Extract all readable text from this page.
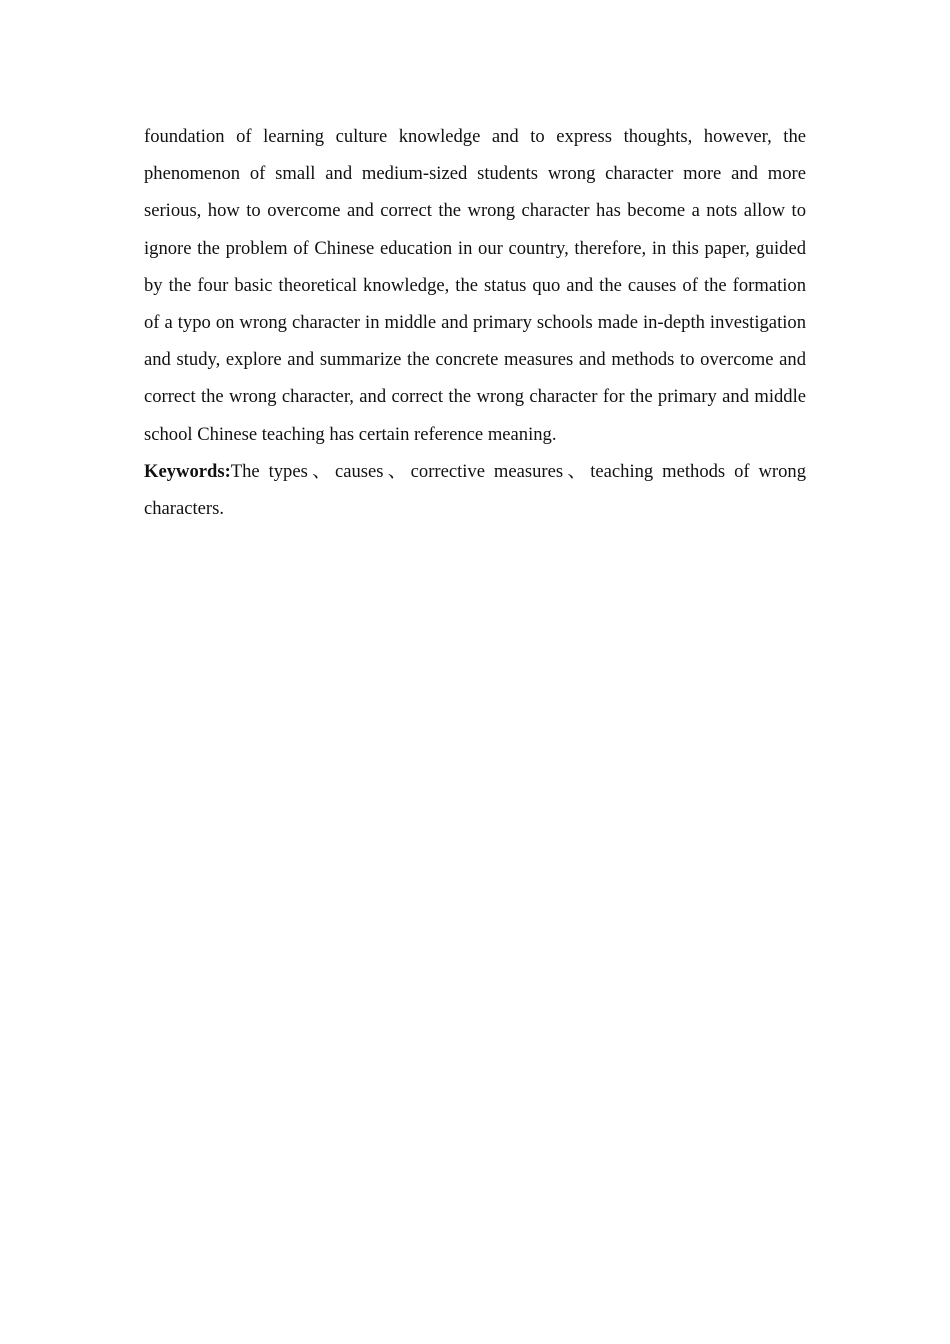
foundation of learning culture knowledge and to express thoughts, however, the phenomenon of small and medium-sized students wrong character more and more serious, how to overcome and correct the wrong character has become a nots allow to ignore the problem of Chinese education in our country, therefore, in this paper, guided by the four basic theoretical knowledge, the status quo and the causes of the formation of a typo on wrong character in middle and primary schools made in-depth investigation and study, explore and summarize the concrete measures and methods to overcome and correct the wrong character, and correct the wrong character for the primary and middle school Chinese teaching has certain reference meaning.

Keywords:The types、causes、corrective measures、teaching methods of wrong characters.
